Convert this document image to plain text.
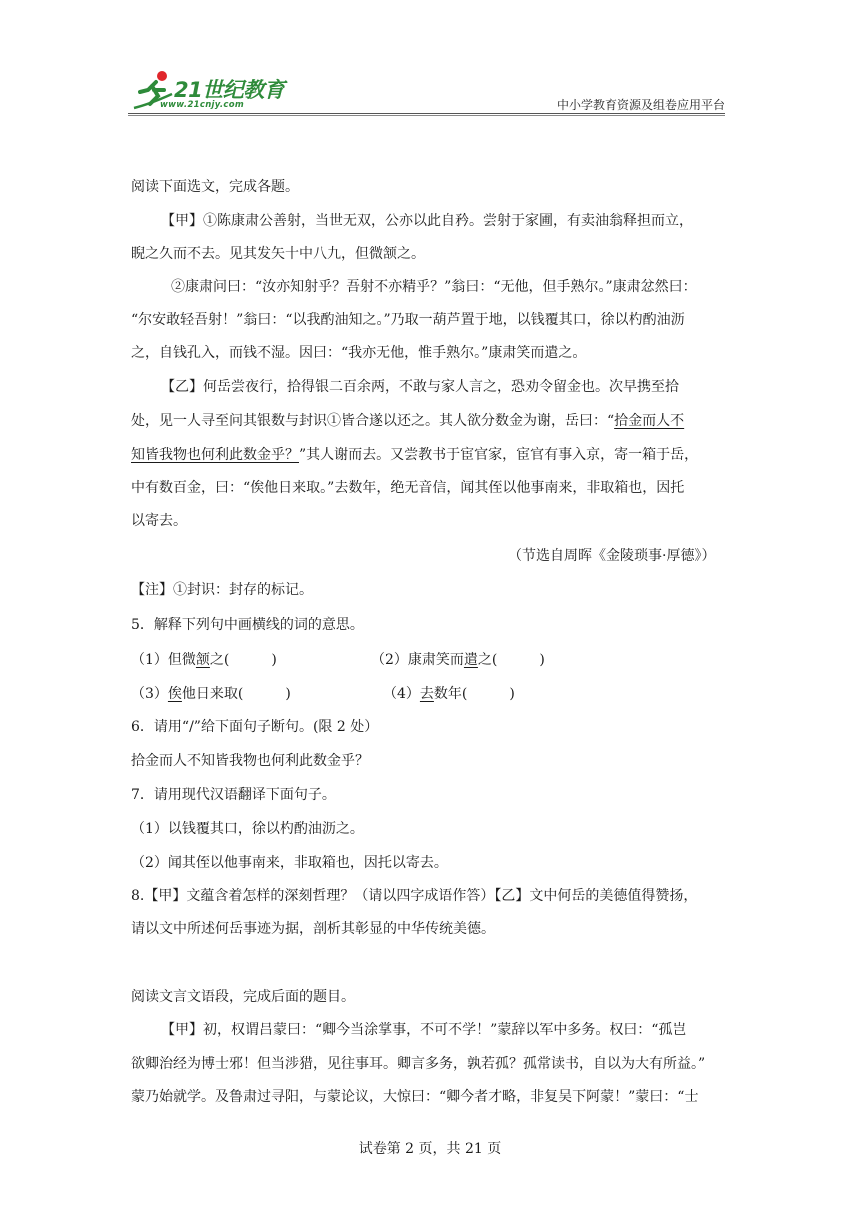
21世纪教育
www.21cnjy.com	中小学教育资源及组卷应用平台
阅读下面选文，完成各题。
【甲】①陈康肃公善射，当世无双，公亦以此自矜。尝射于家圃，有卖油翁释担而立，
睨之久而不去。见其发矢十中八九，但微颔之。
②康肃问曰：“汝亦知射乎？吾射不亦精乎？”翁曰：“无他，但手熟尔。”康肃忿然曰：
“尔安敢轻吾射！”翁曰：“以我酌油知之。”乃取一葫芦置于地，以钱覆其口，徐以杓酌油沥
之，自钱孔入，而钱不湿。因曰：“我亦无他，惟手熟尔。”康肃笑而遣之。
【乙】何岳尝夜行，拾得银二百余两，不敢与家人言之，恐劝令留金也。次早携至拾
处，见一人寻至问其银数与封识①皆合遂以还之。其人欲分数金为谢，岳曰：“拾金而人不
知皆我物也何利此数金乎？”其人谢而去。又尝教书于宦官家，宦官有事入京，寄一箱于岳，
中有数百金，曰：“俟他日来取。”去数年，绝无音信，闻其侄以他事南来，非取箱也，因托
以寄去。
（节选自周晖《金陵琐事·厚德》）
【注】①封识：封存的标记。
5．解释下列句中画横线的词的意思。
（1）但微颔之(　　　)	（2）康肃笑而遣之(　　　)
（3）俟他日来取(　　　)	（4）去数年(　　　)
6．请用“/”给下面句子断句。(限 2 处）
拾金而人不知皆我物也何利此数金乎？
7．请用现代汉语翻译下面句子。
（1）以钱覆其口，徐以杓酌油沥之。
（2）闻其侄以他事南来，非取箱也，因托以寄去。
8.【甲】文蕴含着怎样的深刻哲理？（请以四字成语作答）【乙】文中何岳的美德值得赞扬，
请以文中所述何岳事迹为据，剖析其彰显的中华传统美德。
阅读文言文语段，完成后面的题目。
【甲】初，权谓吕蒙曰：“卿今当涂掌事，不可不学！”蒙辞以军中多务。权曰：“孤岂
欲卿治经为博士邪！但当涉猎，见往事耳。卿言多务，孰若孤？孤常读书，自以为大有所益。”
蒙乃始就学。及鲁肃过寻阳，与蒙论议，大惊曰：“卿今者才略，非复吴下阿蒙！”蒙曰：“士
试卷第 2 页，共 21 页
